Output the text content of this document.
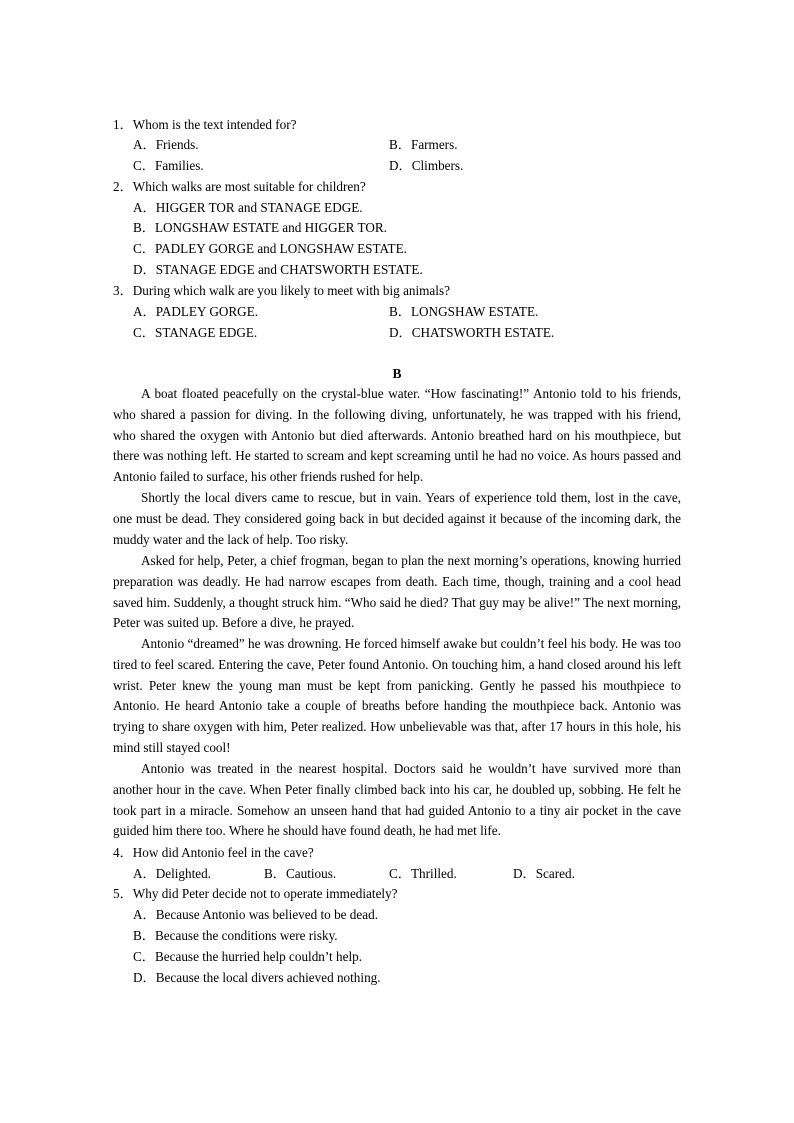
1．Whom is the text intended for?
A．Friends.	B．Farmers.
C．Families.	D．Climbers.
2．Which walks are most suitable for children?
A．HIGGER TOR and STANAGE EDGE.
B．LONGSHAW ESTATE and HIGGER TOR.
C．PADLEY GORGE and LONGSHAW ESTATE.
D．STANAGE EDGE and CHATSWORTH ESTATE.
3．During which walk are you likely to meet with big animals?
A．PADLEY GORGE.	B．LONGSHAW ESTATE.
C．STANAGE EDGE.	D．CHATSWORTH ESTATE.
B

A boat floated peacefully on the crystal-blue water. “How fascinating!” Antonio told to his friends, who shared a passion for diving. In the following diving, unfortunately, he was trapped with his friend, who shared the oxygen with Antonio but died afterwards. Antonio breathed hard on his mouthpiece, but there was nothing left. He started to scream and kept screaming until he had no voice. As hours passed and Antonio failed to surface, his other friends rushed for help.

Shortly the local divers came to rescue, but in vain. Years of experience told them, lost in the cave, one must be dead. They considered going back in but decided against it because of the incoming dark, the muddy water and the lack of help. Too risky.

Asked for help, Peter, a chief frogman, began to plan the next morning’s operations, knowing hurried preparation was deadly. He had narrow escapes from death. Each time, though, training and a cool head saved him. Suddenly, a thought struck him. “Who said he died? That guy may be alive!” The next morning, Peter was suited up. Before a dive, he prayed.

Antonio “dreamed” he was drowning. He forced himself awake but couldn’t feel his body. He was too tired to feel scared. Entering the cave, Peter found Antonio. On touching him, a hand closed around his left wrist. Peter knew the young man must be kept from panicking. Gently he passed his mouthpiece to Antonio. He heard Antonio take a couple of breaths before handing the mouthpiece back. Antonio was trying to share oxygen with him, Peter realized. How unbelievable was that, after 17 hours in this hole, his mind still stayed cool!

Antonio was treated in the nearest hospital. Doctors said he wouldn’t have survived more than another hour in the cave. When Peter finally climbed back into his car, he doubled up, sobbing. He felt he took part in a miracle. Somehow an unseen hand that had guided Antonio to a tiny air pocket in the cave guided him there too. Where he should have found death, he had met life.

4．How did Antonio feel in the cave?
A．Delighted.	B．Cautious.	C．Thrilled.	D．Scared.
5．Why did Peter decide not to operate immediately?
A．Because Antonio was believed to be dead.
B．Because the conditions were risky.
C．Because the hurried help couldn’t help.
D．Because the local divers achieved nothing.
